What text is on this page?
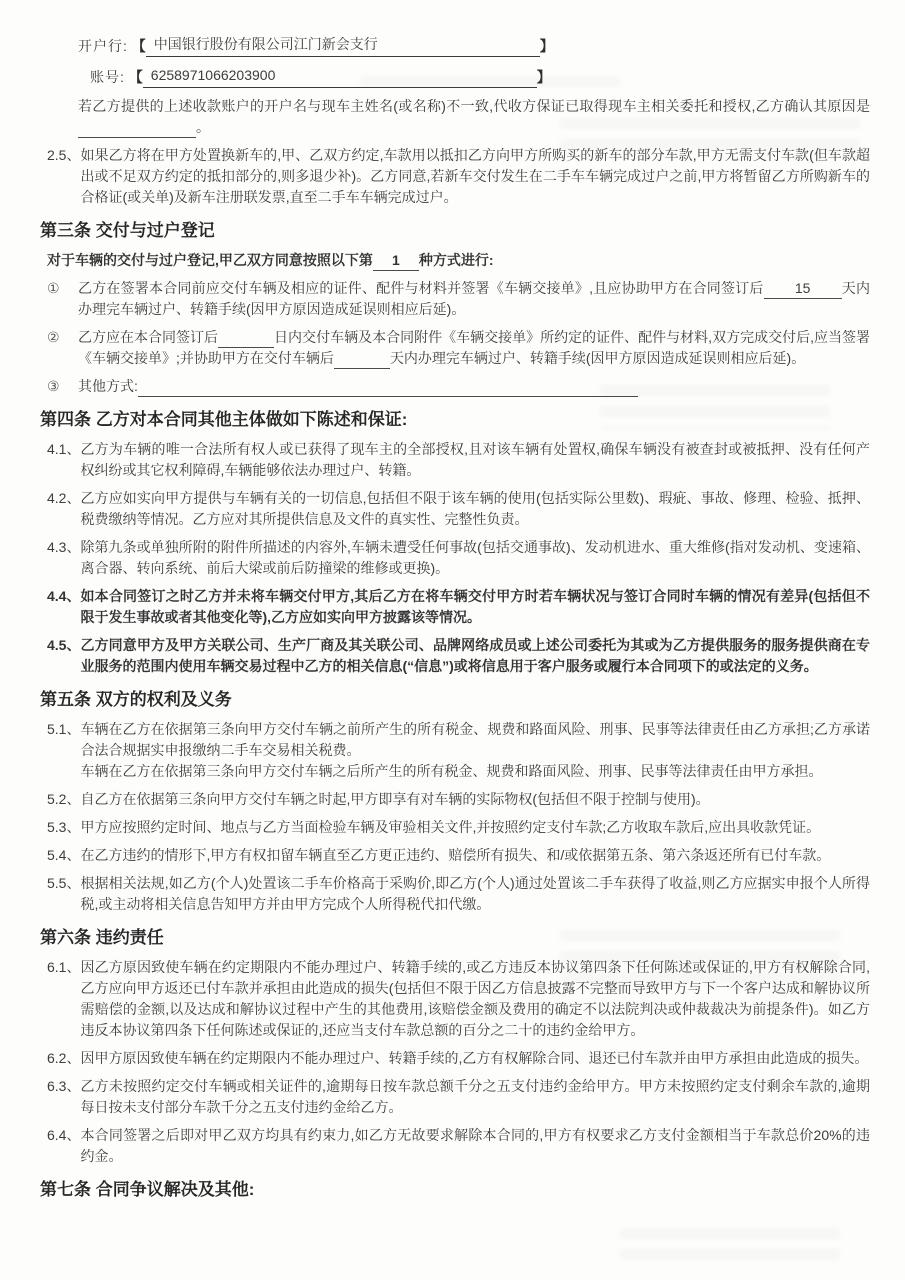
开户行: 【 中国银行股份有限公司江门新会支行	】
账号: 【 6258971066203900	】

若乙方提供的上述收款账户的开户名与现车主姓名(或名称)不一致,代收方保证已取得现车主相关委托和授权,乙方确认其原因是。

2.5、 如果乙方将在甲方处置换新车的,甲、乙双方约定,车款用以抵扣乙方向甲方所购买的新车的部分车款,甲方无需支付车款(但车款超出或不足双方约定的抵扣部分的,则多退少补)。乙方同意,若新车交付发生在二手车车辆完成过户之前,甲方将暂留乙方所购新车的合格证(或关单)及新车注册联发票,直至二手车车辆完成过户。
第三条 交付与过户登记

对于车辆的交付与过户登记,甲乙双方同意按照以下第 1 种方式进行:

①	乙方在签署本合同前应交付车辆及相应的证件、配件与材料并签署《车辆交接单》,且应协助甲方在合同签订后 15 天内办理完车辆过户、转籍手续(因甲方原因造成延误则相应后延)。
②	乙方应在本合同签订后	日内交付车辆及本合同附件《车辆交接单》所约定的证件、配件与材料,双方完成交付后,应当签署《车辆交接单》;并协助甲方在交付车辆后	天内办理完车辆过户、转籍手续(因甲方原因造成延误则相应后延)。
③	其他方式:
第四条 乙方对本合同其他主体做如下陈述和保证:
4.1、 乙方为车辆的唯一合法所有权人或已获得了现车主的全部授权,且对该车辆有处置权,确保车辆没有被查封或被抵押、没有任何产权纠纷或其它权利障碍,车辆能够依法办理过户、转籍。
4.2、 乙方应如实向甲方提供与车辆有关的一切信息,包括但不限于该车辆的使用(包括实际公里数)、瑕疵、事故、修理、检验、抵押、税费缴纳等情况。乙方应对其所提供信息及文件的真实性、完整性负责。
4.3、 除第九条或单独所附的附件所描述的内容外,车辆未遭受任何事故(包括交通事故)、发动机进水、重大维修(指对发动机、变速箱、离合器、转向系统、前后大梁或前后防撞梁的维修或更换)。
4.4、 如本合同签订之时乙方并未将车辆交付甲方,其后乙方在将车辆交付甲方时若车辆状况与签订合同时车辆的情况有差异(包括但不限于发生事故或者其他变化等),乙方应如实向甲方披露该等情况。
4.5、 乙方同意甲方及甲方关联公司、生产厂商及其关联公司、品牌网络成员或上述公司委托为其或为乙方提供服务的服务提供商在专业服务的范围内使用车辆交易过程中乙方的相关信息(“信息”)或将信息用于客户服务或履行本合同项下的或法定的义务。
第五条 双方的权利及义务
5.1、 车辆在乙方在依据第三条向甲方交付车辆之前所产生的所有税金、规费和路面风险、刑事、民事等法律责任由乙方承担;乙方承诺合法合规据实申报缴纳二手车交易相关税费。

车辆在乙方在依据第三条向甲方交付车辆之后所产生的所有税金、规费和路面风险、刑事、民事等法律责任由甲方承担。

5.2、 自乙方在依据第三条向甲方交付车辆之时起,甲方即享有对车辆的实际物权(包括但不限于控制与使用)。
5.3、 甲方应按照约定时间、地点与乙方当面检验车辆及审验相关文件,并按照约定支付车款;乙方收取车款后,应出具收款凭证。
5.4、 在乙方违约的情形下,甲方有权扣留车辆直至乙方更正违约、赔偿所有损失、和/或依据第五条、第六条返还所有已付车款。
5.5、 根据相关法规,如乙方(个人)处置该二手车价格高于采购价,即乙方(个人)通过处置该二手车获得了收益,则乙方应据实申报个人所得税,或主动将相关信息告知甲方并由甲方完成个人所得税代扣代缴。
第六条 违约责任
6.1、 因乙方原因致使车辆在约定期限内不能办理过户、转籍手续的,或乙方违反本协议第四条下任何陈述或保证的,甲方有权解除合同,乙方应向甲方返还已付车款并承担由此造成的损失(包括但不限于因乙方信息披露不完整而导致甲方与下一个客户达成和解协议所需赔偿的金额,以及达成和解协议过程中产生的其他费用,该赔偿金额及费用的确定不以法院判决或仲裁裁决为前提条件)。如乙方违反本协议第四条下任何陈述或保证的,还应当支付车款总额的百分之二十的违约金给甲方。
6.2、 因甲方原因致使车辆在约定期限内不能办理过户、转籍手续的,乙方有权解除合同、退还已付车款并由甲方承担由此造成的损失。
6.3、 乙方未按照约定交付车辆或相关证件的,逾期每日按车款总额千分之五支付违约金给甲方。甲方未按照约定支付剩余车款的,逾期每日按未支付部分车款千分之五支付违约金给乙方。
6.4、 本合同签署之后即对甲乙双方均具有约束力,如乙方无故要求解除本合同的,甲方有权要求乙方支付金额相当于车款总价20%的违约金。
第七条 合同争议解决及其他:
